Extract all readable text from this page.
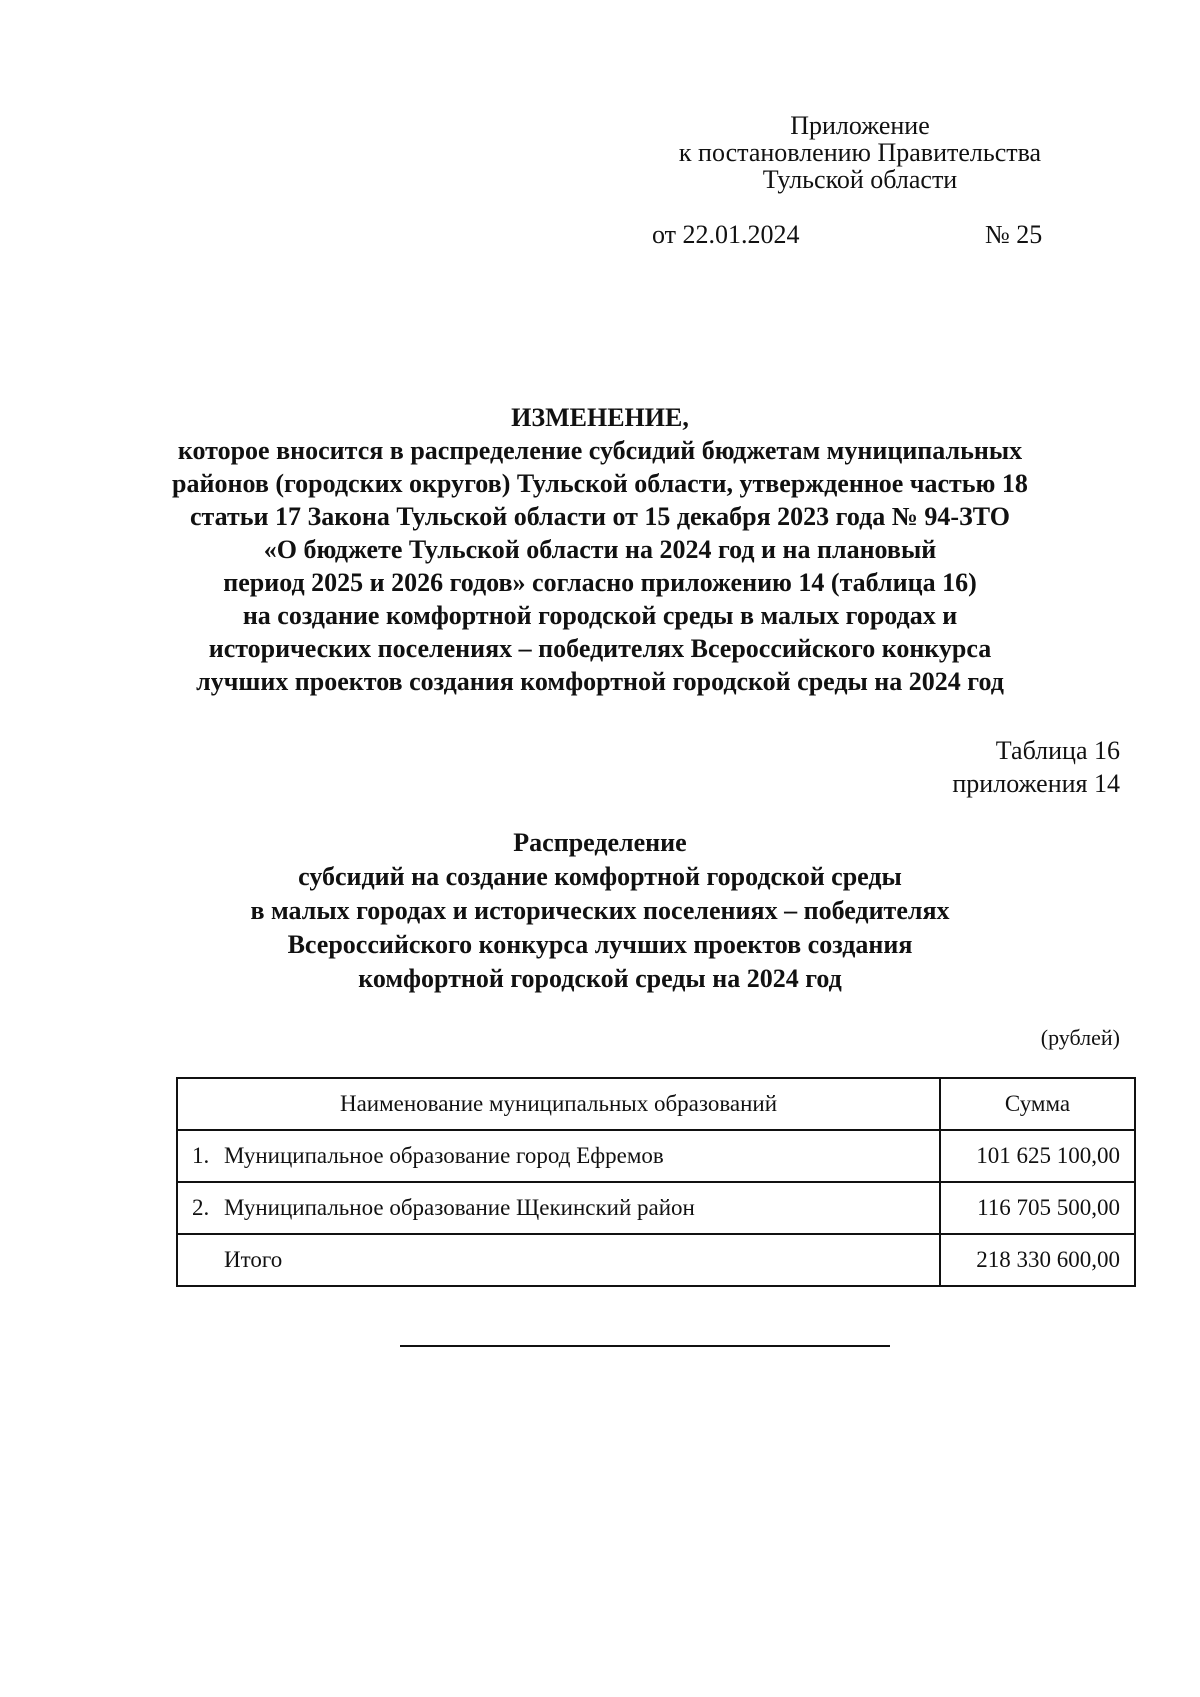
Приложение
к постановлению Правительства
Тульской области
от 22.01.2024	№ 25
ИЗМЕНЕНИЕ,
которое вносится в распределение субсидий бюджетам муниципальных
районов (городских округов) Тульской области, утвержденное частью 18
статьи 17 Закона Тульской области от 15 декабря 2023 года № 94-ЗТО
«О бюджете Тульской области на 2024 год и на плановый
период 2025 и 2026 годов» согласно приложению 14 (таблица 16)
на создание комфортной городской среды в малых городах и
исторических поселениях – победителях Всероссийского конкурса
лучших проектов создания комфортной городской среды на 2024 год
Таблица 16
приложения 14
Распределение
субсидий на создание комфортной городской среды
в малых городах и исторических поселениях – победителях
Всероссийского конкурса лучших проектов создания
комфортной городской среды на 2024 год
(рублей)
Наименование муниципальных образований	Сумма
1. Муниципальное образование город Ефремов	101 625 100,00
2. Муниципальное образование Щекинский район	116 705 500,00
Итого	218 330 600,00
